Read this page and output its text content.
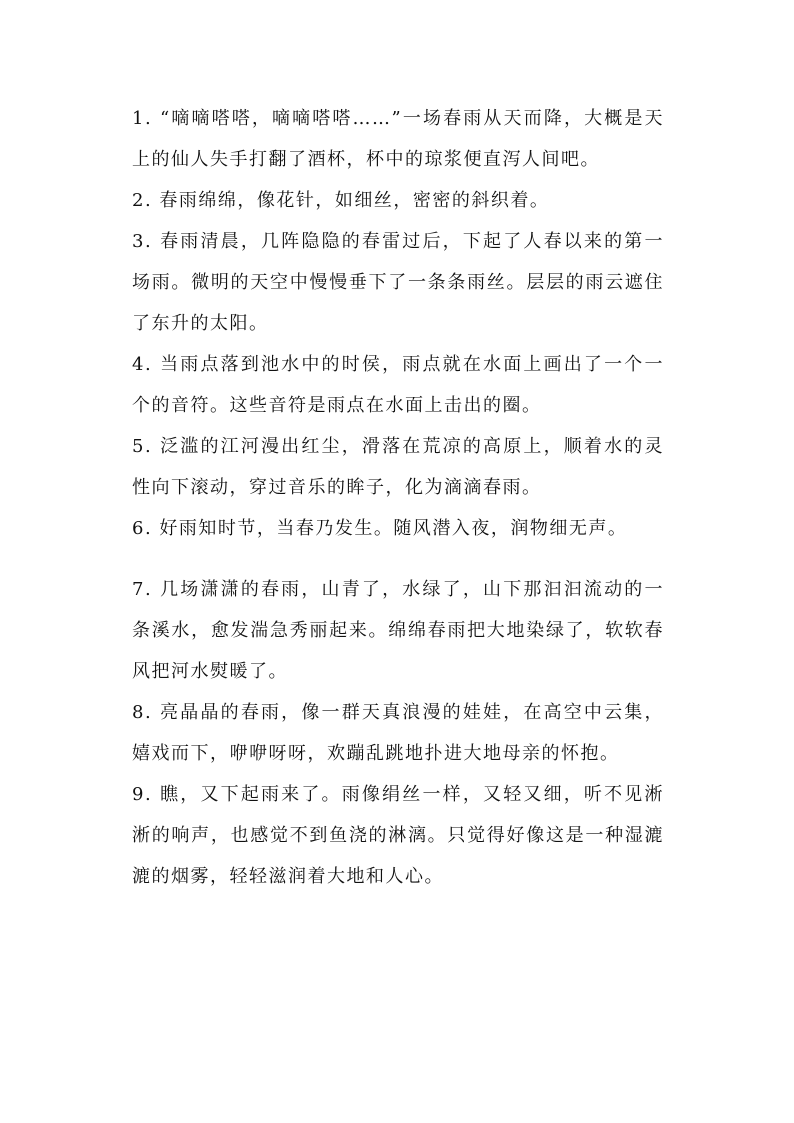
1. “嘀嘀嗒嗒，嘀嘀嗒嗒……”一场春雨从天而降，大概是天上的仙人失手打翻了酒杯，杯中的琼浆便直泻人间吧。

2. 春雨绵绵，像花针，如细丝，密密的斜织着。

3. 春雨清晨，几阵隐隐的春雷过后，下起了人春以来的第一场雨。微明的天空中慢慢垂下了一条条雨丝。层层的雨云遮住了东升的太阳。

4. 当雨点落到池水中的时侯，雨点就在水面上画出了一个一个的音符。这些音符是雨点在水面上击出的圈。

5. 泛滥的江河漫出红尘，滑落在荒凉的高原上，顺着水的灵性向下滚动，穿过音乐的眸子，化为滴滴春雨。

6. 好雨知时节，当春乃发生。随风潜入夜，润物细无声。

7. 几场潇潇的春雨，山青了，水绿了，山下那汩汩流动的一条溪水，愈发湍急秀丽起来。绵绵春雨把大地染绿了，软软春风把河水熨暖了。

8. 亮晶晶的春雨，像一群天真浪漫的娃娃，在高空中云集，嬉戏而下，咿咿呀呀，欢蹦乱跳地扑进大地母亲的怀抱。

9. 瞧，又下起雨来了。雨像绢丝一样，又轻又细，听不见淅淅的响声，也感觉不到鱼浇的淋漓。只觉得好像这是一种湿漉漉的烟雾，轻轻滋润着大地和人心。
